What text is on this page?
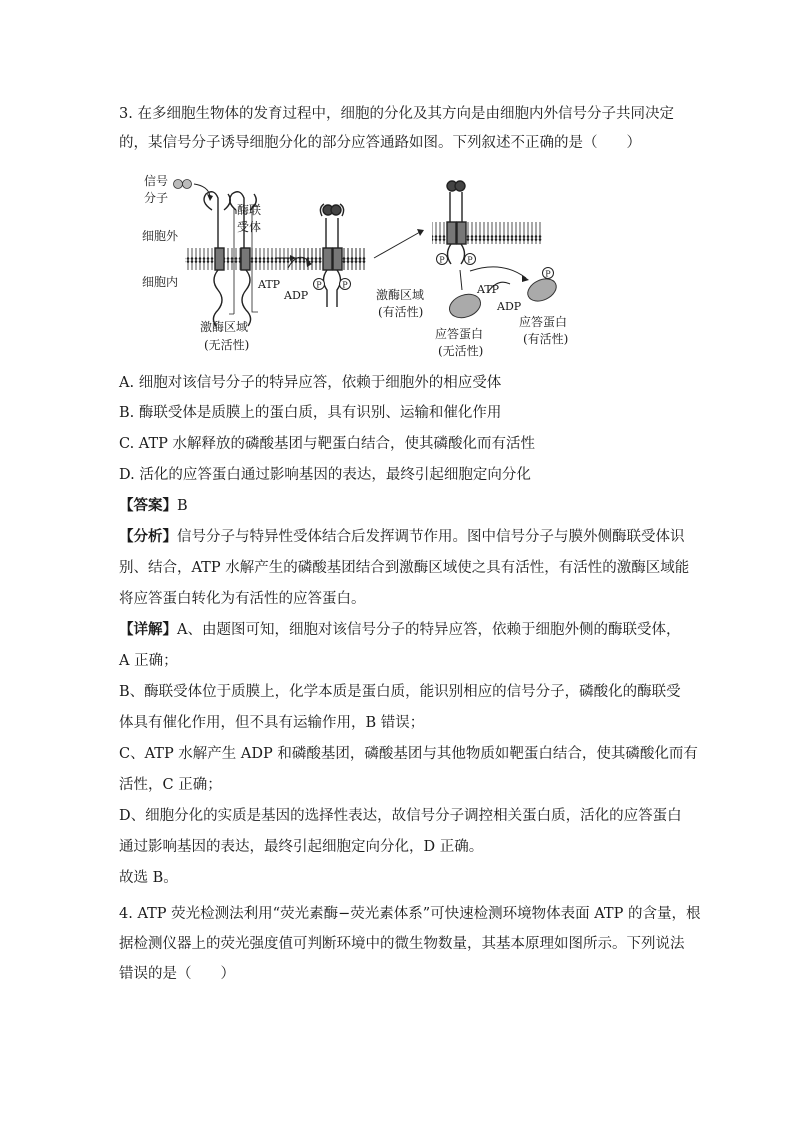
3. 在多细胞生物体的发育过程中，细胞的分化及其方向是由细胞内外信号分子共同决定
的，某信号分子诱导细胞分化的部分应答通路如图。下列叙述不正确的是（　　）
P	P
P	P
P
信号
分子
酶联
受体
细胞外
细胞内
激酶区域
(无活性)
ATP
ADP	激酶区域
(有活性)
ATP
ADP
应答蛋白
(无活性)
应答蛋白
(有活性)
A. 细胞对该信号分子的特异应答，依赖于细胞外的相应受体
B. 酶联受体是质膜上的蛋白质，具有识别、运输和催化作用
C. ATP 水解释放的磷酸基团与靶蛋白结合，使其磷酸化而有活性
D. 活化的应答蛋白通过影响基因的表达，最终引起细胞定向分化
【答案】B
【分析】信号分子与特异性受体结合后发挥调节作用。图中信号分子与膜外侧酶联受体识
别、结合，ATP 水解产生的磷酸基团结合到激酶区域使之具有活性，有活性的激酶区域能
将应答蛋白转化为有活性的应答蛋白。
【详解】A、由题图可知，细胞对该信号分子的特异应答，依赖于细胞外侧的酶联受体，
A 正确；
B、酶联受体位于质膜上，化学本质是蛋白质，能识别相应的信号分子，磷酸化的酶联受
体具有催化作用，但不具有运输作用，B 错误；
C、ATP 水解产生 ADP 和磷酸基团，磷酸基团与其他物质如靶蛋白结合，使其磷酸化而有
活性，C 正确；
D、细胞分化的实质是基因的选择性表达，故信号分子调控相关蛋白质，活化的应答蛋白
通过影响基因的表达，最终引起细胞定向分化，D 正确。
故选 B。
4. ATP 荧光检测法利用“荧光素酶−荧光素体系”可快速检测环境物体表面 ATP 的含量，根
据检测仪器上的荧光强度值可判断环境中的微生物数量，其基本原理如图所示。下列说法
错误的是（　　）
